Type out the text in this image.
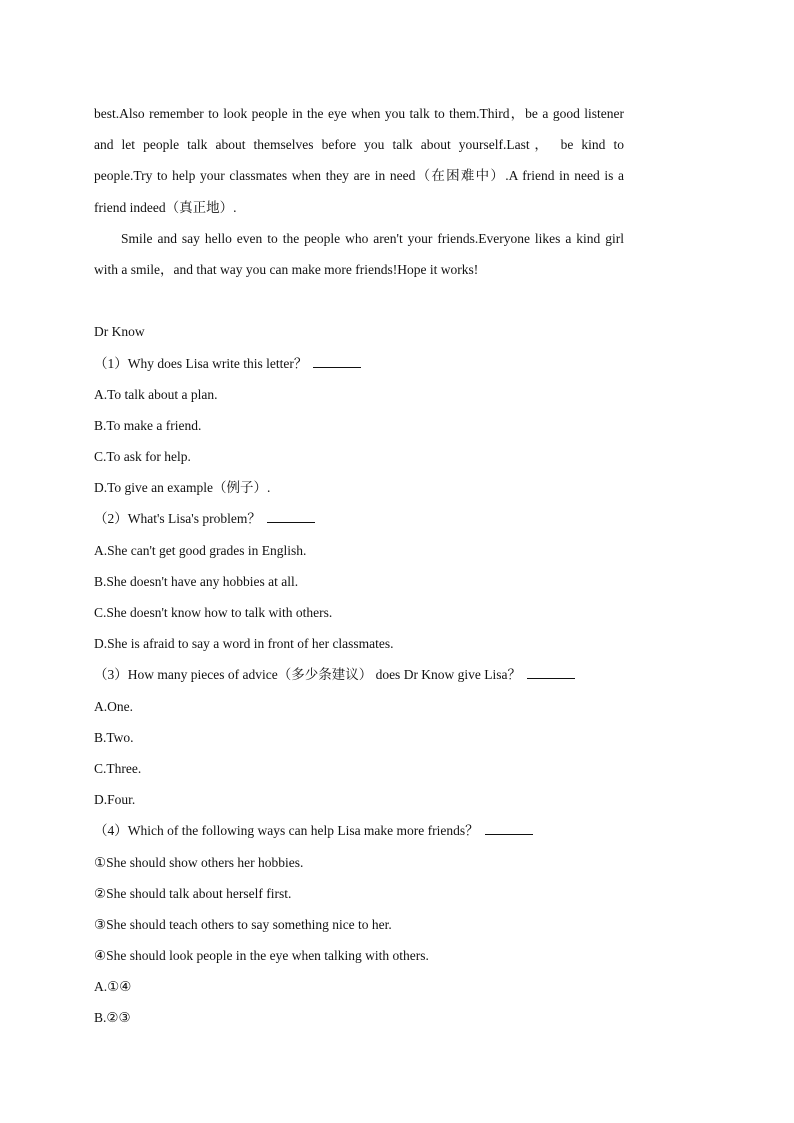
best.Also remember to look people in the eye when you talk to them.Third，be a good listener
and let people talk about themselves before you talk about yourself.Last， be kind to
people.Try to help your classmates when they are in need（在困难中）.A friend in need is a
friend indeed（真正地）.
Smile and say hello even to the people who aren't your friends.Everyone likes a kind girl
with a smile，and that way you can make more friends!Hope it works!
Dr Know
（1）Why does Lisa write this letter？
A.To talk about a plan.
B.To make a friend.
C.To ask for help.
D.To give an example（例子）.
（2）What's Lisa's problem？
A.She can't get good grades in English.
B.She doesn't have any hobbies at all.
C.She doesn't know how to talk with others.
D.She is afraid to say a word in front of her classmates.
（3）How many pieces of advice（多少条建议） does Dr Know give Lisa？
A.One.
B.Two.
C.Three.
D.Four.
（4）Which of the following ways can help Lisa make more friends？
①She should show others her hobbies.
②She should talk about herself first.
③She should teach others to say something nice to her.
④She should look people in the eye when talking with others.
A.①④
B.②③
